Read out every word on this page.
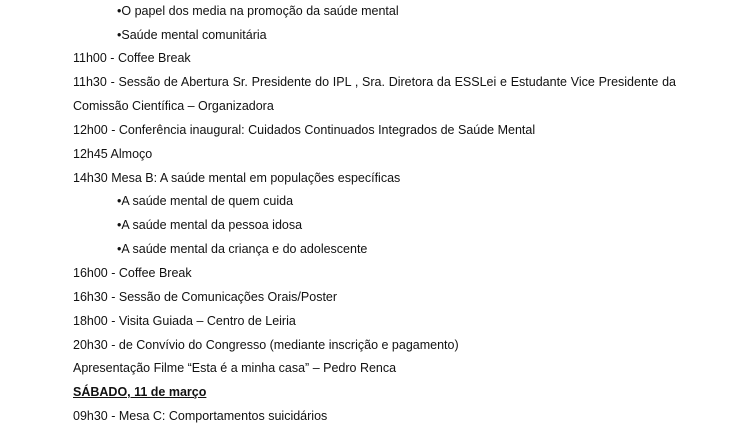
•O papel dos media na promoção da saúde mental
•Saúde mental comunitária
11h00 - Coffee Break
11h30 - Sessão de Abertura Sr. Presidente do IPL , Sra. Diretora da ESSLei e Estudante Vice Presidente da
Comissão Científica – Organizadora
12h00 - Conferência inaugural: Cuidados Continuados Integrados de Saúde Mental
12h45 Almoço
14h30 Mesa B: A saúde mental em populações específicas
•A saúde mental de quem cuida
•A saúde mental da pessoa idosa
•A saúde mental da criança e do adolescente
16h00 - Coffee Break
16h30 - Sessão de Comunicações Orais/Poster
18h00 - Visita Guiada – Centro de Leiria
20h30 - de Convívio do Congresso (mediante inscrição e pagamento)
Apresentação Filme “Esta é a minha casa” – Pedro Renca
SÁBADO, 11 de março
09h30 - Mesa C: Comportamentos suicidários
